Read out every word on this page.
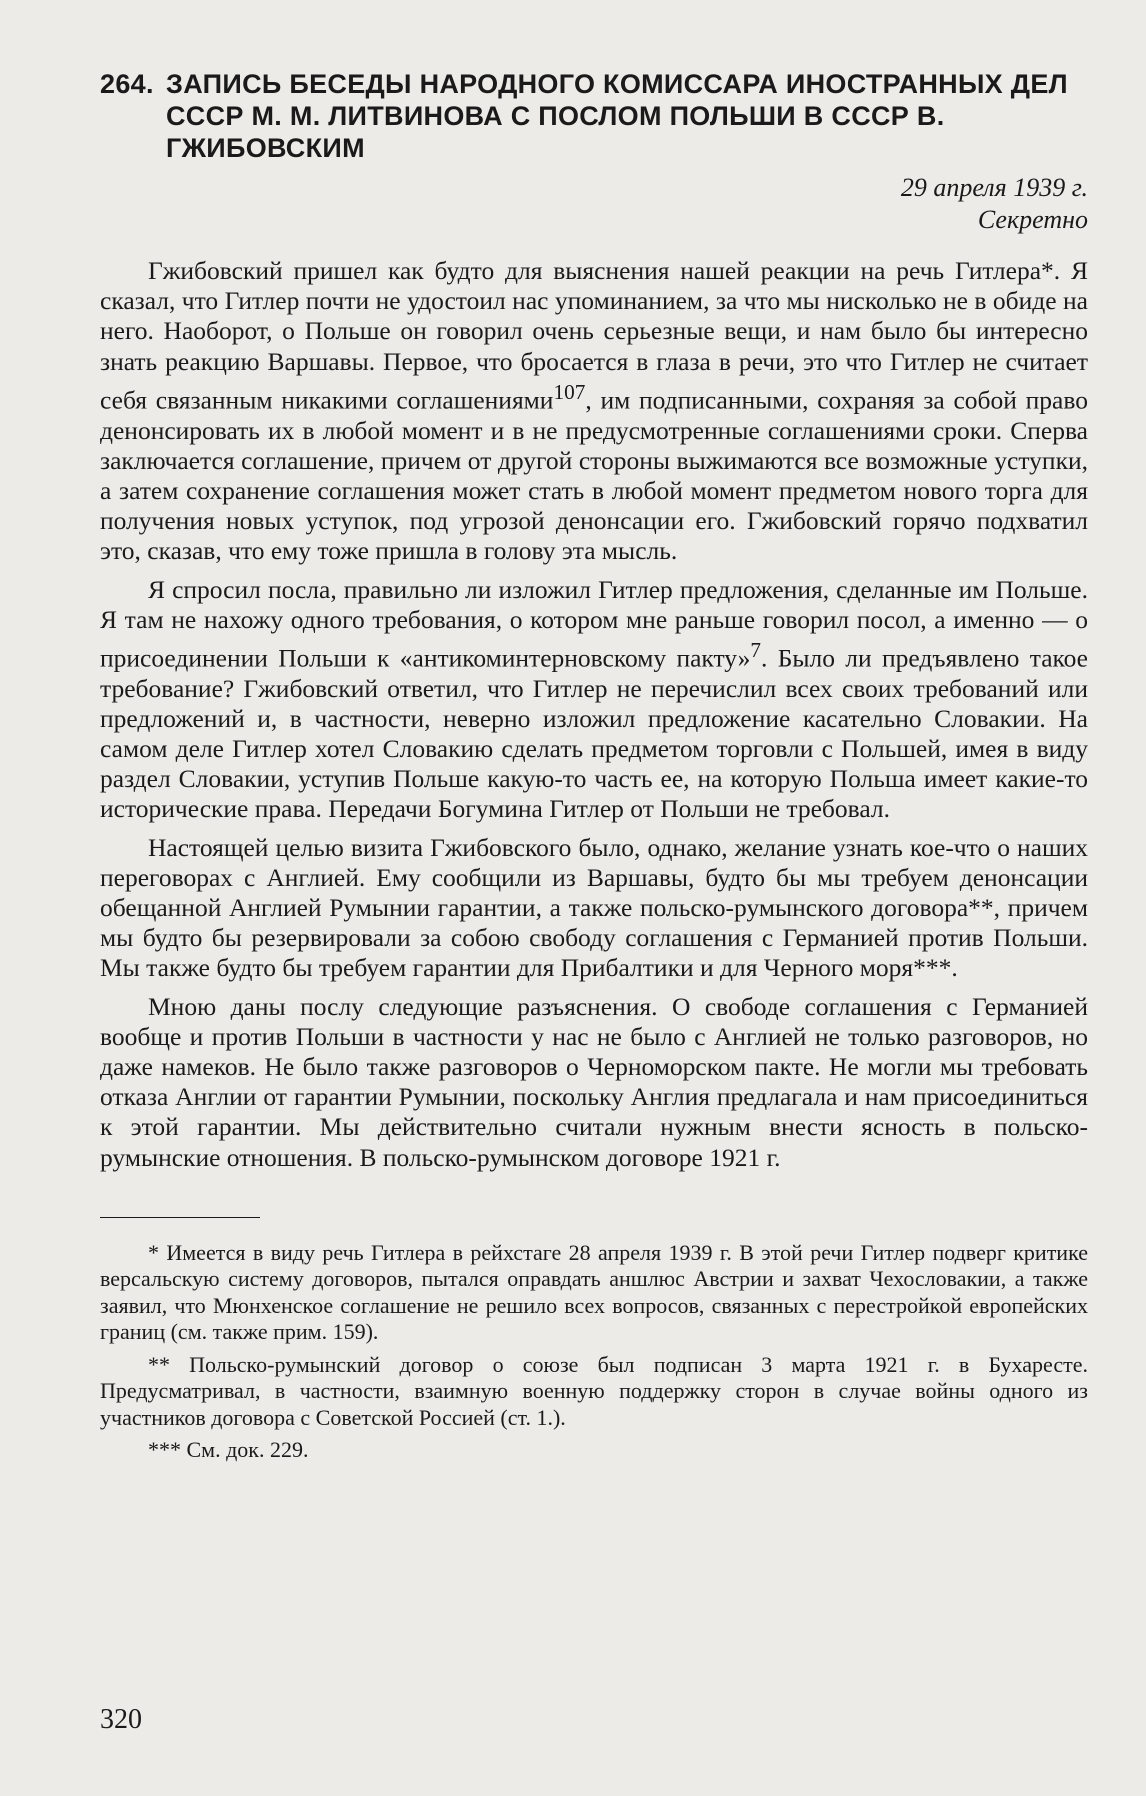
264. ЗАПИСЬ БЕСЕДЫ НАРОДНОГО КОМИССАРА ИНОСТРАННЫХ ДЕЛ СССР М. М. ЛИТВИНОВА С ПОСЛОМ ПОЛЬШИ В СССР В. ГЖИБОВСКИМ
29 апреля 1939 г.
Секретно

Гжибовский пришел как будто для выяснения нашей реакции на речь Гитлера*. Я сказал, что Гитлер почти не удостоил нас упоминанием, за что мы нисколько не в обиде на него. Наоборот, о Польше он говорил очень серьезные вещи, и нам было бы интересно знать реакцию Варшавы. Первое, что бросается в глаза в речи, это что Гитлер не считает себя связанным никакими соглашениями$^{107}$, им подписанными, сохраняя за собой право денонсировать их в любой момент и в не предусмотренные соглашениями сроки. Сперва заключается соглашение, причем от другой стороны выжимаются все возможные уступки, а затем сохранение соглашения может стать в любой момент предметом нового торга для получения новых уступок, под угрозой денонсации его. Гжибовский горячо подхватил это, сказав, что ему тоже пришла в голову эта мысль.

Я спросил посла, правильно ли изложил Гитлер предложения, сделанные им Польше. Я там не нахожу одного требования, о котором мне раньше говорил посол, а именно — о присоединении Польши к «антикоминтерновскому пакту»$^7$. Было ли предъявлено такое требование? Гжибовский ответил, что Гитлер не перечислил всех своих требований или предложений и, в частности, неверно изложил предложение касательно Словакии. На самом деле Гитлер хотел Словакию сделать предметом торговли с Польшей, имея в виду раздел Словакии, уступив Польше какую-то часть ее, на которую Польша имеет какие-то исторические права. Передачи Богумина Гитлер от Польши не требовал.

Настоящей целью визита Гжибовского было, однако, желание узнать кое-что о наших переговорах с Англией. Ему сообщили из Варшавы, будто бы мы требуем денонсации обещанной Англией Румынии гарантии, а также польско-румынского договора**, причем мы будто бы резервировали за собою свободу соглашения с Германией против Польши. Мы также будто бы требуем гарантии для Прибалтики и для Черного моря***.

Мною даны послу следующие разъяснения. О свободе соглашения с Германией вообще и против Польши в частности у нас не было с Англией не только разговоров, но даже намеков. Не было также разговоров о Черноморском пакте. Не могли мы требовать отказа Англии от гарантии Румынии, поскольку Англия предлагала и нам присоединиться к этой гарантии. Мы действительно считали нужным внести ясность в польско-румынские отношения. В польско-румынском договоре 1921 г.

* Имеется в виду речь Гитлера в рейхстаге 28 апреля 1939 г. В этой речи Гитлер подверг критике версальскую систему договоров, пытался оправдать аншлюс Австрии и захват Чехословакии, а также заявил, что Мюнхенское соглашение не решило всех вопросов, связанных с перестройкой европейских границ (см. также прим. 159).

** Польско-румынский договор о союзе был подписан 3 марта 1921 г. в Бухаресте. Предусматривал, в частности, взаимную военную поддержку сторон в случае войны одного из участников договора с Советской Россией (ст. 1.).

*** См. док. 229.

320
